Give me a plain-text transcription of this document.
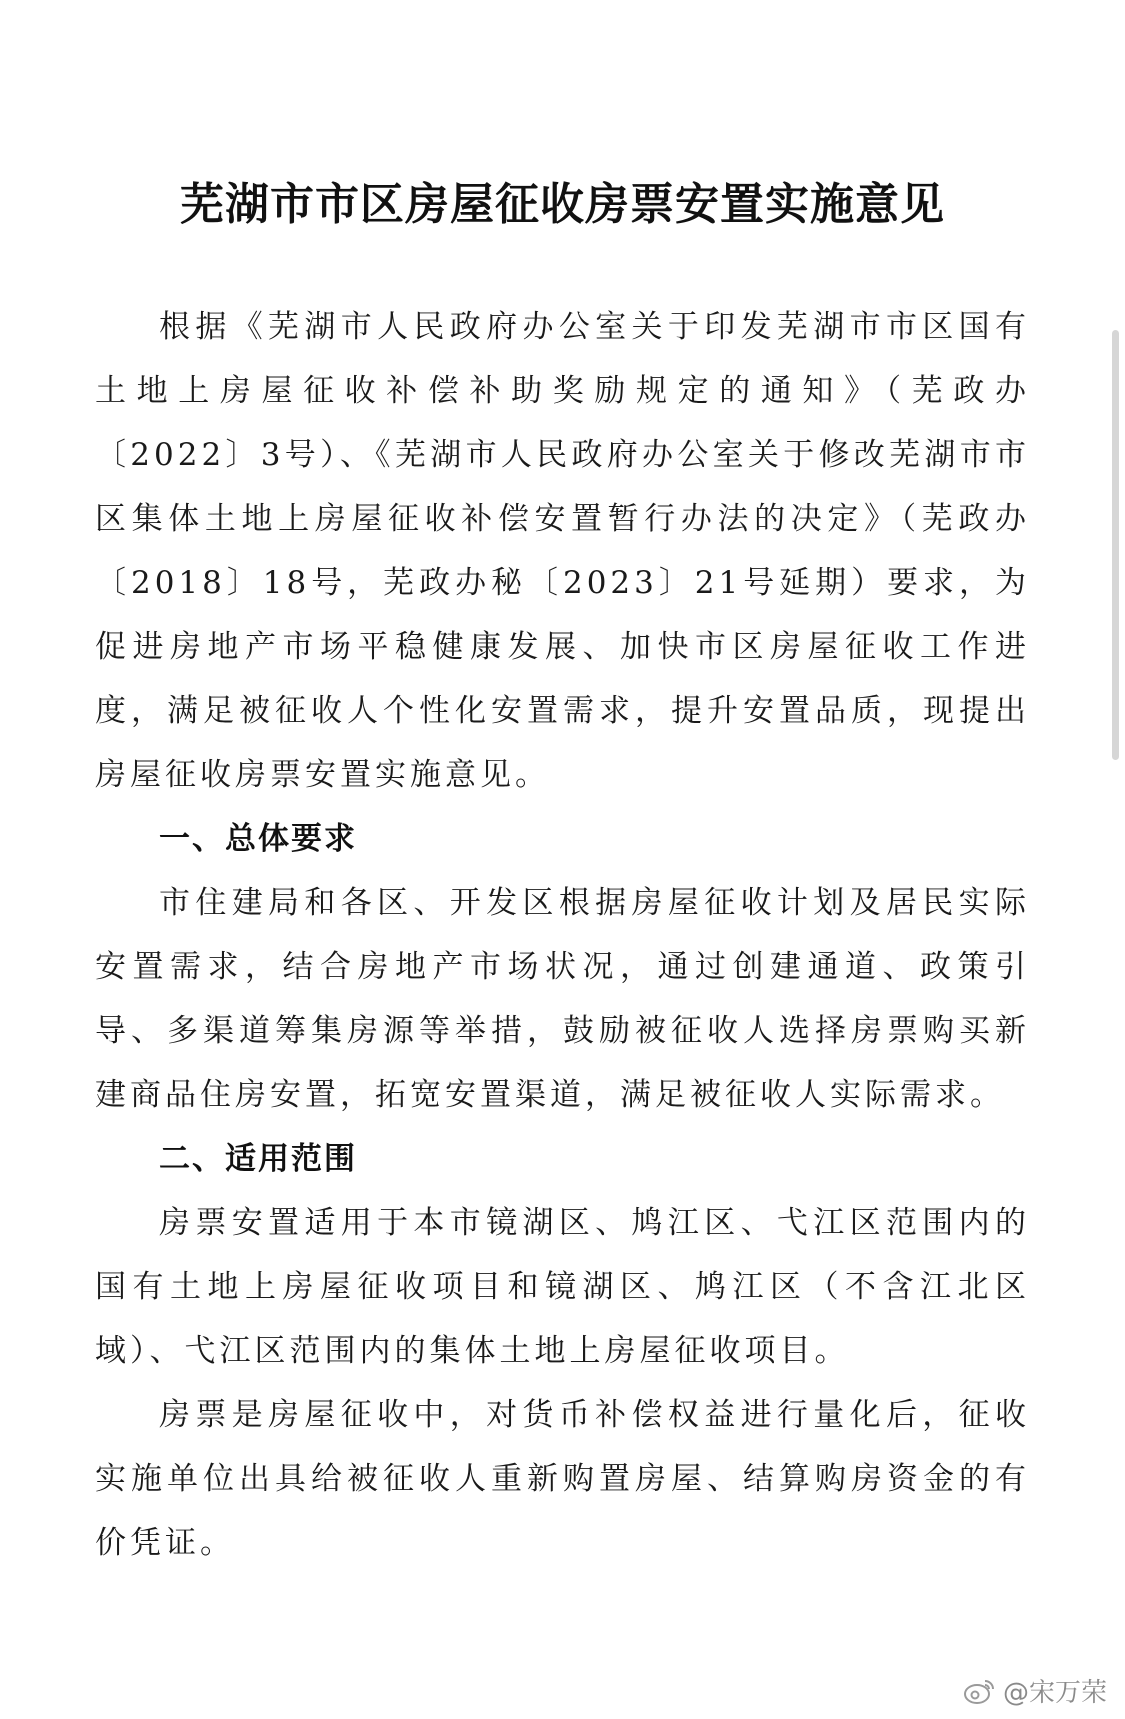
芜湖市市区房屋征收房票安置实施意见

根据《芜湖市人民政府办公室关于印发芜湖市市区国有土地上房屋征收补偿补助奖励规定的通知》（芜政办〔2022〕3号）、《芜湖市人民政府办公室关于修改芜湖市市区集体土地上房屋征收补偿安置暂行办法的决定》（芜政办〔2018〕18号，芜政办秘〔2023〕21号延期）要求，为促进房地产市场平稳健康发展、加快市区房屋征收工作进度，满足被征收人个性化安置需求，提升安置品质，现提出房屋征收房票安置实施意见。

一、总体要求

市住建局和各区、开发区根据房屋征收计划及居民实际安置需求，结合房地产市场状况，通过创建通道、政策引导、多渠道筹集房源等举措，鼓励被征收人选择房票购买新建商品住房安置，拓宽安置渠道，满足被征收人实际需求。

二、适用范围

房票安置适用于本市镜湖区、鸠江区、弋江区范围内的国有土地上房屋征收项目和镜湖区、鸠江区（不含江北区域）、弋江区范围内的集体土地上房屋征收项目。

房票是房屋征收中，对货币补偿权益进行量化后，征收实施单位出具给被征收人重新购置房屋、结算购房资金的有价凭证。

@宋万荣
